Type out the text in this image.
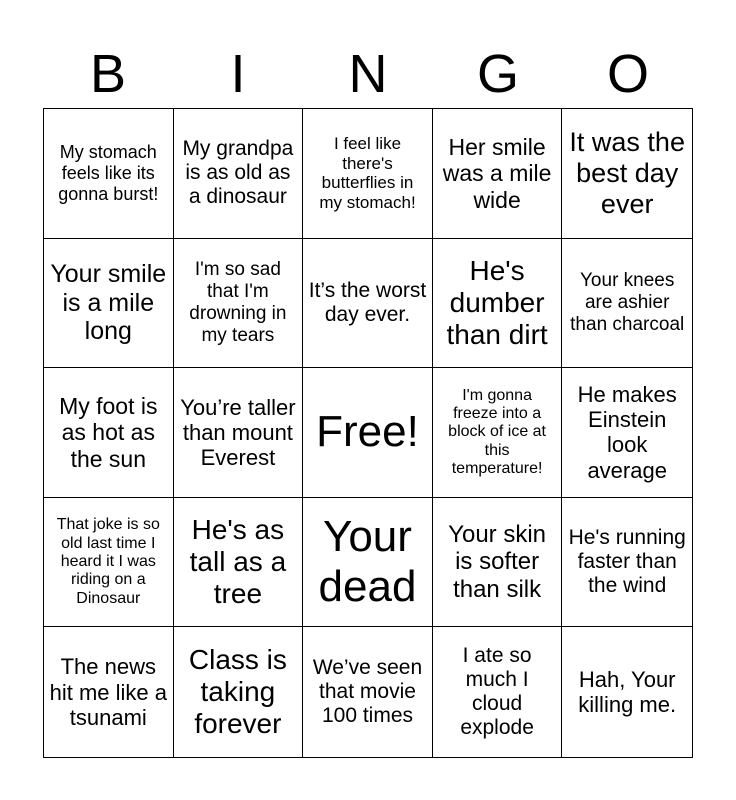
B	I	N	G	O
My stomach feels like its gonna burst!
My grandpa is as old as a dinosaur
I feel like there's butterflies in my stomach!
Her smile was a mile wide
It was the best day ever
Your smile is a mile long
I'm so sad that I'm drowning in my tears
It’s the worst day ever.
He's dumber than dirt
Your knees are ashier than charcoal
My foot is as hot as the sun
You’re taller than mount Everest
Free!
I'm gonna freeze into a block of ice at this temperature!
He makes Einstein look average
That joke is so old last time I heard it I was riding on a Dinosaur
He's as tall as a tree
Your dead
Your skin is softer than silk
He's running faster than the wind
The news hit me like a tsunami
Class is taking forever
We’ve seen that movie 100 times
I ate so much I cloud explode
Hah, Your killing me.
